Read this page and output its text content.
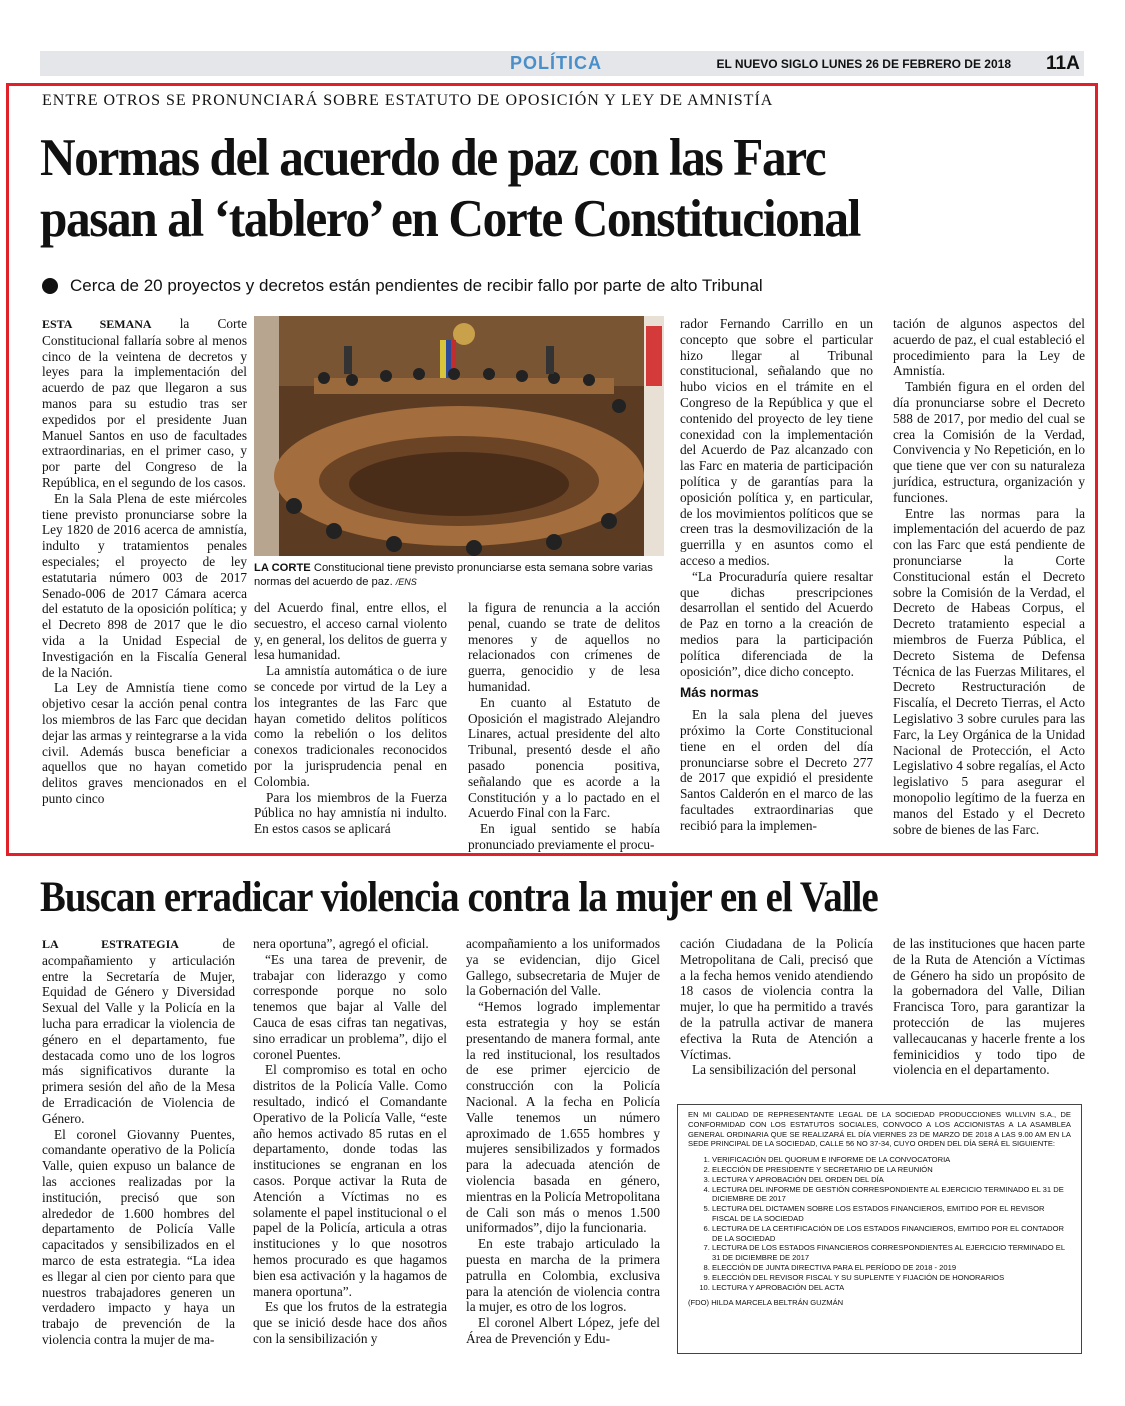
POLÍTICA	EL NUEVO SIGLO LUNES 26 DE FEBRERO DE 2018 11A
ENTRE OTROS SE PRONUNCIARÁ SOBRE ESTATUTO DE OPOSICIÓN Y LEY DE AMNISTÍA
Normas del acuerdo de paz con las Farc
pasan al ‘tablero’ en Corte Constitucional
Cerca de 20 proyectos y decretos están pendientes de recibir fallo por parte de alto Tribunal

ESTA SEMANA la Corte Constitucional fallaría sobre al menos cinco de la veintena de decretos y leyes para la implementación del acuerdo de paz que llegaron a sus manos para su estudio tras ser expedidos por el presidente Juan Manuel Santos en uso de facultades extraordinarias, en el primer caso, y por parte del Congreso de la República, en el segundo de los casos.

En la Sala Plena de este miércoles tiene previsto pronunciarse sobre la Ley 1820 de 2016 acerca de amnistía, indulto y tratamientos penales especiales; el proyecto de ley estatutaria número 003 de 2017 Senado-006 de 2017 Cámara acerca del estatuto de la oposición política; y el Decreto 898 de 2017 que le dio vida a la Unidad Especial de Investigación en la Fiscalía General de la Nación.

La Ley de Amnistía tiene como objetivo cesar la acción penal contra los miembros de las Farc que decidan dejar las armas y reintegrarse a la vida civil. Además busca beneficiar a aquellos que no hayan cometido delitos graves mencionados en el punto cinco

LA CORTE Constitucional tiene previsto pronunciarse esta semana sobre varias normas del acuerdo de paz. /ENS

del Acuerdo final, entre ellos, el secuestro, el acceso carnal violento y, en general, los delitos de guerra y lesa humanidad.

La amnistía automática o de iure se concede por virtud de la Ley a los integrantes de las Farc que hayan cometido delitos políticos como la rebelión o los delitos conexos tradicionales reconocidos por la jurisprudencia penal en Colombia.

Para los miembros de la Fuerza Pública no hay amnistía ni indulto. En estos casos se aplicará

la figura de renuncia a la acción penal, cuando se trate de delitos menores y de aquellos no relacionados con crímenes de guerra, genocidio y de lesa humanidad.

En cuanto al Estatuto de Oposición el magistrado Alejandro Linares, actual presidente del alto Tribunal, presentó desde el año pasado ponencia positiva, señalando que es acorde a la Constitución y a lo pactado en el Acuerdo Final con la Farc.

En igual sentido se había pronunciado previamente el procu-

rador Fernando Carrillo en un concepto que sobre el particular hizo llegar al Tribunal constitucional, señalando que no hubo vicios en el trámite en el Congreso de la República y que el contenido del proyecto de ley tiene conexidad con la implementación del Acuerdo de Paz alcanzado con las Farc en materia de participación política y de garantías para la oposición política y, en particular, de los movimientos políticos que se creen tras la desmovilización de la guerrilla y en asuntos como el acceso a medios.

“La Procuraduría quiere resaltar que dichas prescripciones desarrollan el sentido del Acuerdo de Paz en torno a la creación de medios para la participación política diferenciada de la oposición”, dice dicho concepto.

Más normas

En la sala plena del jueves próximo la Corte Constitucional tiene en el orden del día pronunciarse sobre el Decreto 277 de 2017 que expidió el presidente Santos Calderón en el marco de las facultades extraordinarias que recibió para la implemen-

tación de algunos aspectos del acuerdo de paz, el cual estableció el procedimiento para la Ley de Amnistía.

También figura en el orden del día pronunciarse sobre el Decreto 588 de 2017, por medio del cual se crea la Comisión de la Verdad, Convivencia y No Repetición, en lo que tiene que ver con su naturaleza jurídica, estructura, organización y funciones.

Entre las normas para la implementación del acuerdo de paz con las Farc que está pendiente de pronunciarse la Corte Constitucional están el Decreto sobre la Comisión de la Verdad, el Decreto de Habeas Corpus, el Decreto tratamiento especial a miembros de Fuerza Pública, el Decreto Sistema de Defensa Técnica de las Fuerzas Militares, el Decreto Restructuración de Fiscalía, el Decreto Tierras, el Acto Legislativo 3 sobre curules para las Farc, la Ley Orgánica de la Unidad Nacional de Protección, el Acto Legislativo 4 sobre regalías, el Acto legislativo 5 para asegurar el monopolio legítimo de la fuerza en manos del Estado y el Decreto sobre de bienes de las Farc.

Buscan erradicar violencia contra la mujer en el Valle

LA ESTRATEGIA de acompañamiento y articulación entre la Secretaría de Mujer, Equidad de Género y Diversidad Sexual del Valle y la Policía en la lucha para erradicar la violencia de género en el departamento, fue destacada como uno de los logros más significativos durante la primera sesión del año de la Mesa de Erradicación de Violencia de Género.

El coronel Giovanny Puentes, comandante operativo de la Policía Valle, quien expuso un balance de las acciones realizadas por la institución, precisó que son alrededor de 1.600 hombres del departamento de Policía Valle capacitados y sensibilizados en el marco de esta estrategia. “La idea es llegar al cien por ciento para que nuestros trabajadores generen un verdadero impacto y haya un trabajo de prevención de la violencia contra la mujer de ma-

nera oportuna”, agregó el oficial.

“Es una tarea de prevenir, de trabajar con liderazgo y como corresponde porque no solo tenemos que bajar al Valle del Cauca de esas cifras tan negativas, sino erradicar un problema”, dijo el coronel Puentes.

El compromiso es total en ocho distritos de la Policía Valle. Como resultado, indicó el Comandante Operativo de la Policía Valle, “este año hemos activado 85 rutas en el departamento, donde todas las instituciones se engranan en los casos. Porque activar la Ruta de Atención a Víctimas no es solamente el papel institucional o el papel de la Policía, articula a otras instituciones y lo que nosotros hemos procurado es que hagamos bien esa activación y la hagamos de manera oportuna”.

Es que los frutos de la estrategia que se inició desde hace dos años con la sensibilización y

acompañamiento a los uniformados ya se evidencian, dijo Gicel Gallego, subsecretaria de Mujer de la Gobernación del Valle.

“Hemos logrado implementar esta estrategia y hoy se están presentando de manera formal, ante la red institucional, los resultados de ese primer ejercicio de construcción con la Policía Nacional. A la fecha en Policía Valle tenemos un número aproximado de 1.655 hombres y mujeres sensibilizados y formados para la adecuada atención de violencia basada en género, mientras en la Policía Metropolitana de Cali son más o menos 1.500 uniformados”, dijo la funcionaria.

En este trabajo articulado la puesta en marcha de la primera patrulla en Colombia, exclusiva para la atención de violencia contra la mujer, es otro de los logros.

El coronel Albert López, jefe del Área de Prevención y Edu-

cación Ciudadana de la Policía Metropolitana de Cali, precisó que a la fecha hemos venido atendiendo 18 casos de violencia contra la mujer, lo que ha permitido a través de la patrulla activar de manera efectiva la Ruta de Atención a Víctimas.

La sensibilización del personal

de las instituciones que hacen parte de la Ruta de Atención a Víctimas de Género ha sido un propósito de la gobernadora del Valle, Dilian Francisca Toro, para garantizar la protección de las mujeres vallecaucanas y hacerle frente a los feminicidios y todo tipo de violencia en el departamento.

EN MI CALIDAD DE REPRESENTANTE LEGAL DE LA SOCIEDAD PRODUCCIONES WILLVIN S.A., DE CONFORMIDAD CON LOS ESTATUTOS SOCIALES, CONVOCO A LOS ACCIONISTAS A LA ASAMBLEA GENERAL ORDINARIA QUE SE REALIZARÁ EL DÍA VIERNES 23 DE MARZO DE 2018 A LAS 9.00 AM EN LA SEDE PRINCIPAL DE LA SOCIEDAD, CALLE 56 NO 37-34, CUYO ORDEN DEL DÍA SERÁ EL SIGUIENTE:
1. VERIFICACIÓN DEL QUORUM E INFORME DE LA CONVOCATORIA
2. ELECCIÓN DE PRESIDENTE Y SECRETARIO DE LA REUNIÓN
3. LECTURA Y APROBACIÓN DEL ORDEN DEL DÍA
4. LECTURA DEL INFORME DE GESTIÓN CORRESPONDIENTE AL EJERCICIO TERMINADO EL 31 DE DICIEMBRE DE 2017
5. LECTURA DEL DICTAMEN SOBRE LOS ESTADOS FINANCIEROS, EMITIDO POR EL REVISOR FISCAL DE LA SOCIEDAD
6. LECTURA DE LA CERTIFICACIÓN DE LOS ESTADOS FINANCIEROS, EMITIDO POR EL CONTADOR DE LA SOCIEDAD
7. LECTURA DE LOS ESTADOS FINANCIEROS CORRESPONDIENTES AL EJERCICIO TERMINADO EL 31 DE DICIEMBRE DE 2017
8. ELECCIÓN DE JUNTA DIRECTIVA PARA EL PERÍODO DE 2018 - 2019
9. ELECCIÓN DEL REVISOR FISCAL Y SU SUPLENTE Y FIJACIÓN DE HONORARIOS
10. LECTURA Y APROBACIÓN DEL ACTA
(FDO) HILDA MARCELA BELTRÁN GUZMÁN
